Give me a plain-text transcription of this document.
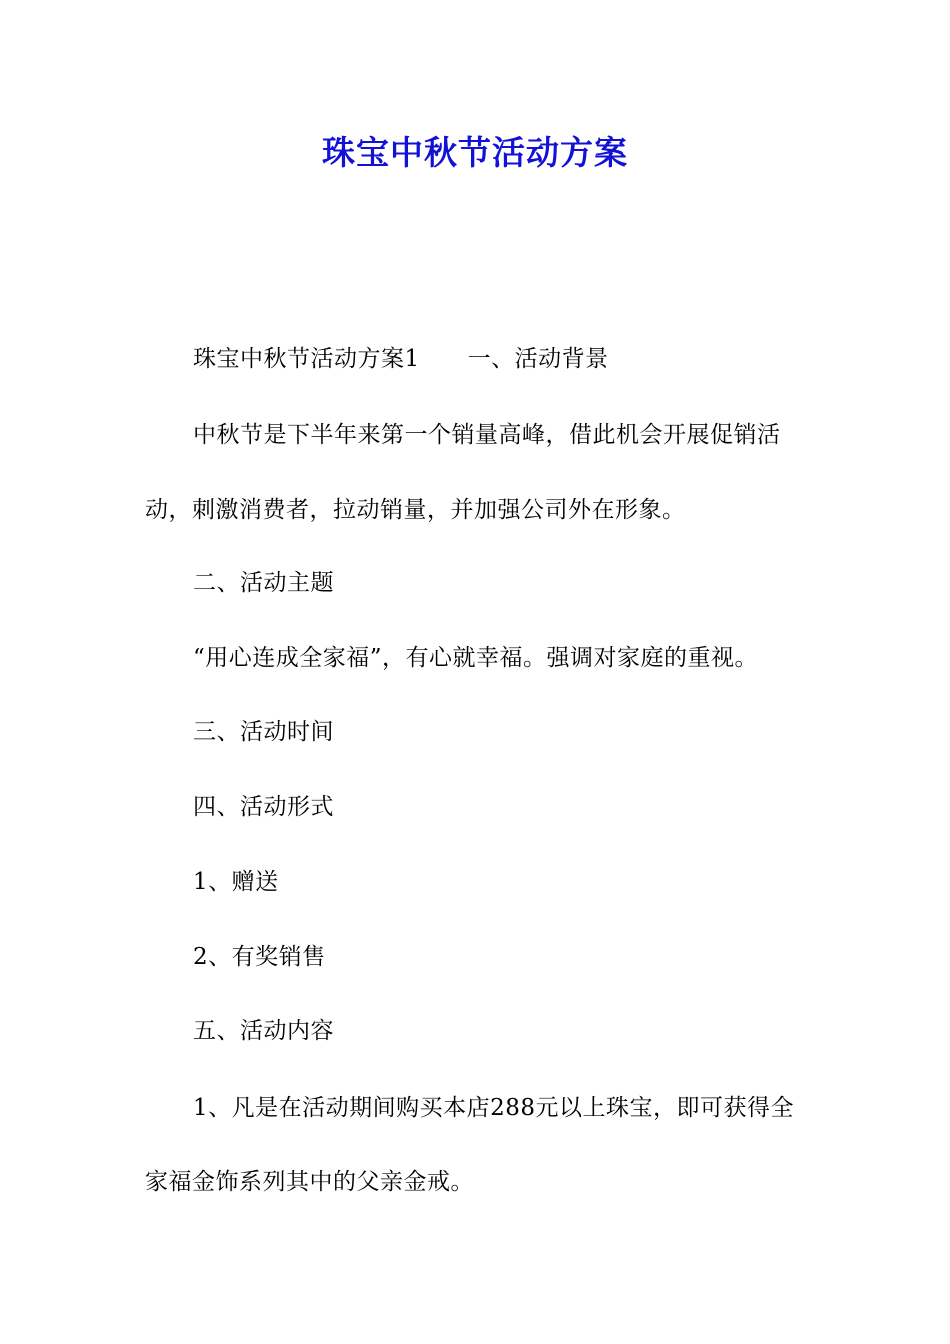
珠宝中秋节活动方案
珠宝中秋节活动方案1 一、活动背景
中秋节是下半年来第一个销量高峰，借此机会开展促销活
动，刺激消费者，拉动销量，并加强公司外在形象。
二、活动主题
“用心连成全家福”，有心就幸福。强调对家庭的重视。
三、活动时间
四、活动形式
1、赠送
2、有奖销售
五、活动内容
1、凡是在活动期间购买本店288元以上珠宝，即可获得全
家福金饰系列其中的父亲金戒。
